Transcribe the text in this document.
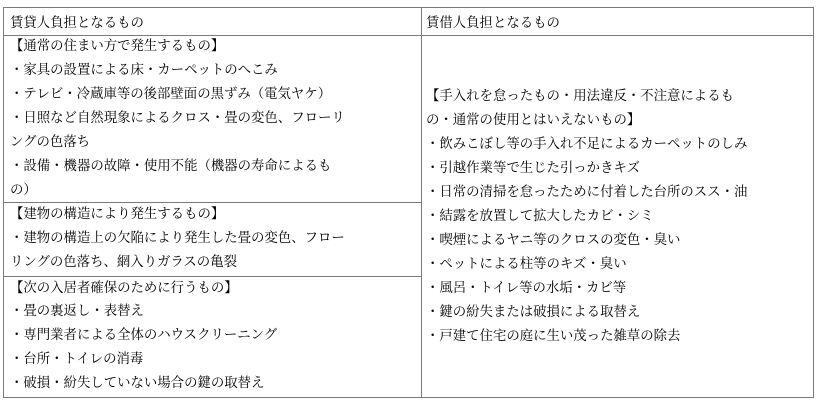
賃貸人負担となるもの	賃借人負担となるもの
【通常の住まい方で発生するもの】
・家具の設置による床・カーペットのへこみ
・テレビ・冷蔵庫等の後部壁面の黒ずみ（電気ヤケ）
・日照など自然現象によるクロス・畳の変色、フローリ
ングの色落ち
・設備・機器の故障・使用不能（機器の寿命によるも
の）
【建物の構造により発生するもの】
・建物の構造上の欠陥により発生した畳の変色、フロー
リングの色落ち、網入りガラスの亀裂
【次の入居者確保のために行うもの】
・畳の裏返し・表替え
・専門業者による全体のハウスクリーニング
・台所・トイレの消毒
・破損・紛失していない場合の鍵の取替え
【手入れを怠ったもの・用法違反・不注意によるも
の・通常の使用とはいえないもの】
・飲みこぼし等の手入れ不足によるカーペットのしみ
・引越作業等で生じた引っかきキズ
・日常の清掃を怠ったために付着した台所のスス・油
・結露を放置して拡大したカビ・シミ
・喫煙によるヤニ等のクロスの変色・臭い
・ペットによる柱等のキズ・臭い
・風呂・トイレ等の水垢・カビ等
・鍵の紛失または破損による取替え
・戸建て住宅の庭に生い茂った雑草の除去
